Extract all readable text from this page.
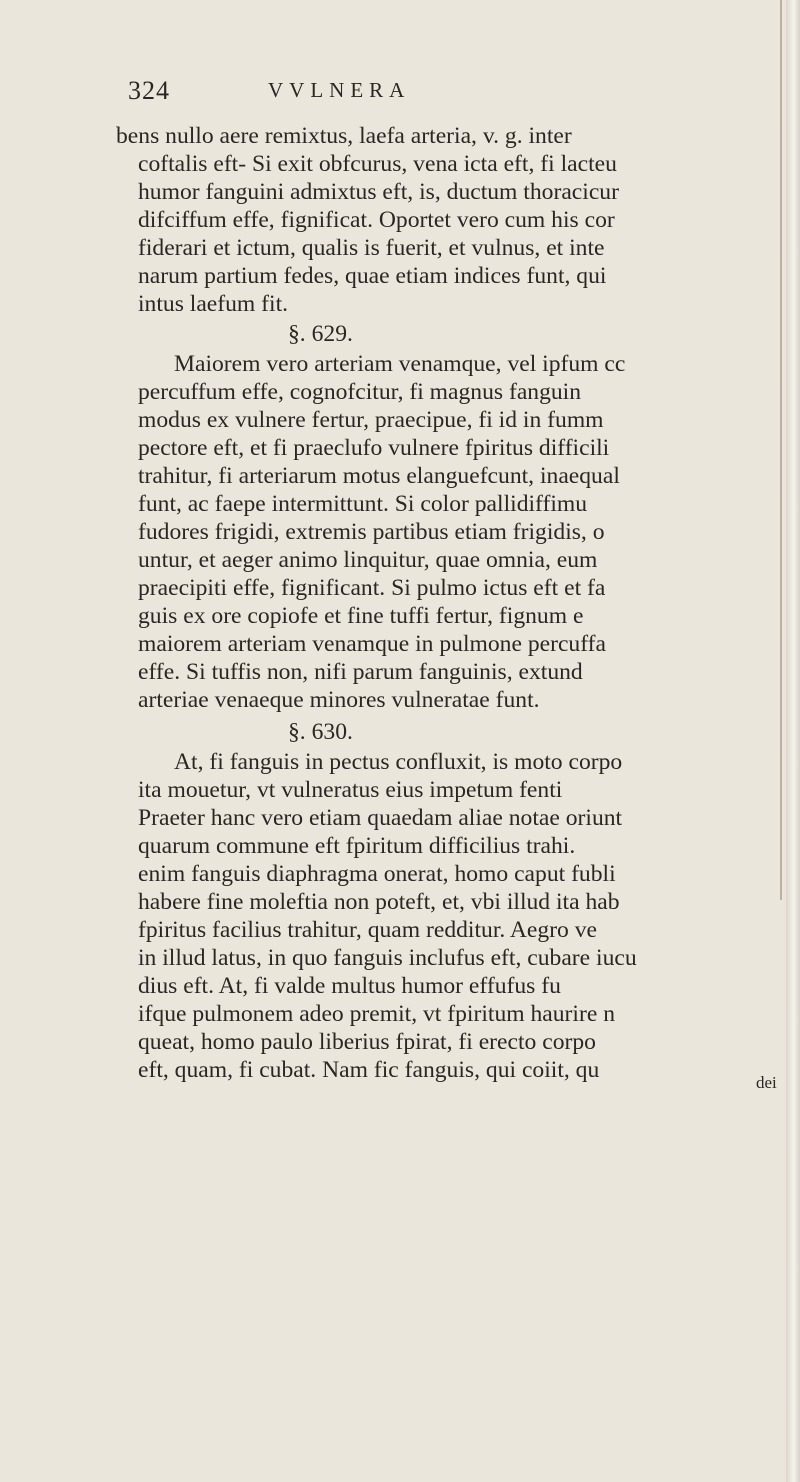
324	VVLNERA
bens nullo aere remixtus, laefa arteria, v. g. inter
coftalis eft- Si exit obfcurus, vena icta eft, fi lacteu
humor fanguini admixtus eft, is, ductum thoracicur
difciffum effe, fignificat. Oportet vero cum his cor
fiderari et ictum, qualis is fuerit, et vulnus, et inte
narum partium fedes, quae etiam indices funt, qui
intus laefum fit.
§. 629.
Maiorem vero arteriam venamque, vel ipfum cc
percuffum effe, cognofcitur, fi magnus fanguin
modus ex vulnere fertur, praecipue, fi id in fumm
pectore eft, et fi praeclufo vulnere fpiritus difficili
trahitur, fi arteriarum motus elanguefcunt, inaequal
funt, ac faepe intermittunt. Si color pallidiffimu
fudores frigidi, extremis partibus etiam frigidis, o
untur, et aeger animo linquitur, quae omnia, eum
praecipiti effe, fignificant. Si pulmo ictus eft et fa
guis ex ore copiofe et fine tuffi fertur, fignum e
maiorem arteriam venamque in pulmone percuffa
effe. Si tuffis non, nifi parum fanguinis, extund
arteriae venaeque minores vulneratae funt.
§. 630.
At, fi fanguis in pectus confluxit, is moto corpo
ita mouetur, vt vulneratus eius impetum fenti
Praeter hanc vero etiam quaedam aliae notae oriunt
quarum commune eft fpiritum difficilius trahi.
enim fanguis diaphragma onerat, homo caput fubli
habere fine moleftia non poteft, et, vbi illud ita hab
fpiritus facilius trahitur, quam redditur. Aegro ve
in illud latus, in quo fanguis inclufus eft, cubare iucu
dius eft. At, fi valde multus humor effufus fu
ifque pulmonem adeo premit, vt fpiritum haurire n
queat, homo paulo liberius fpirat, fi erecto corpo
eft, quam, fi cubat. Nam fic fanguis, qui coiit, qu	dei
